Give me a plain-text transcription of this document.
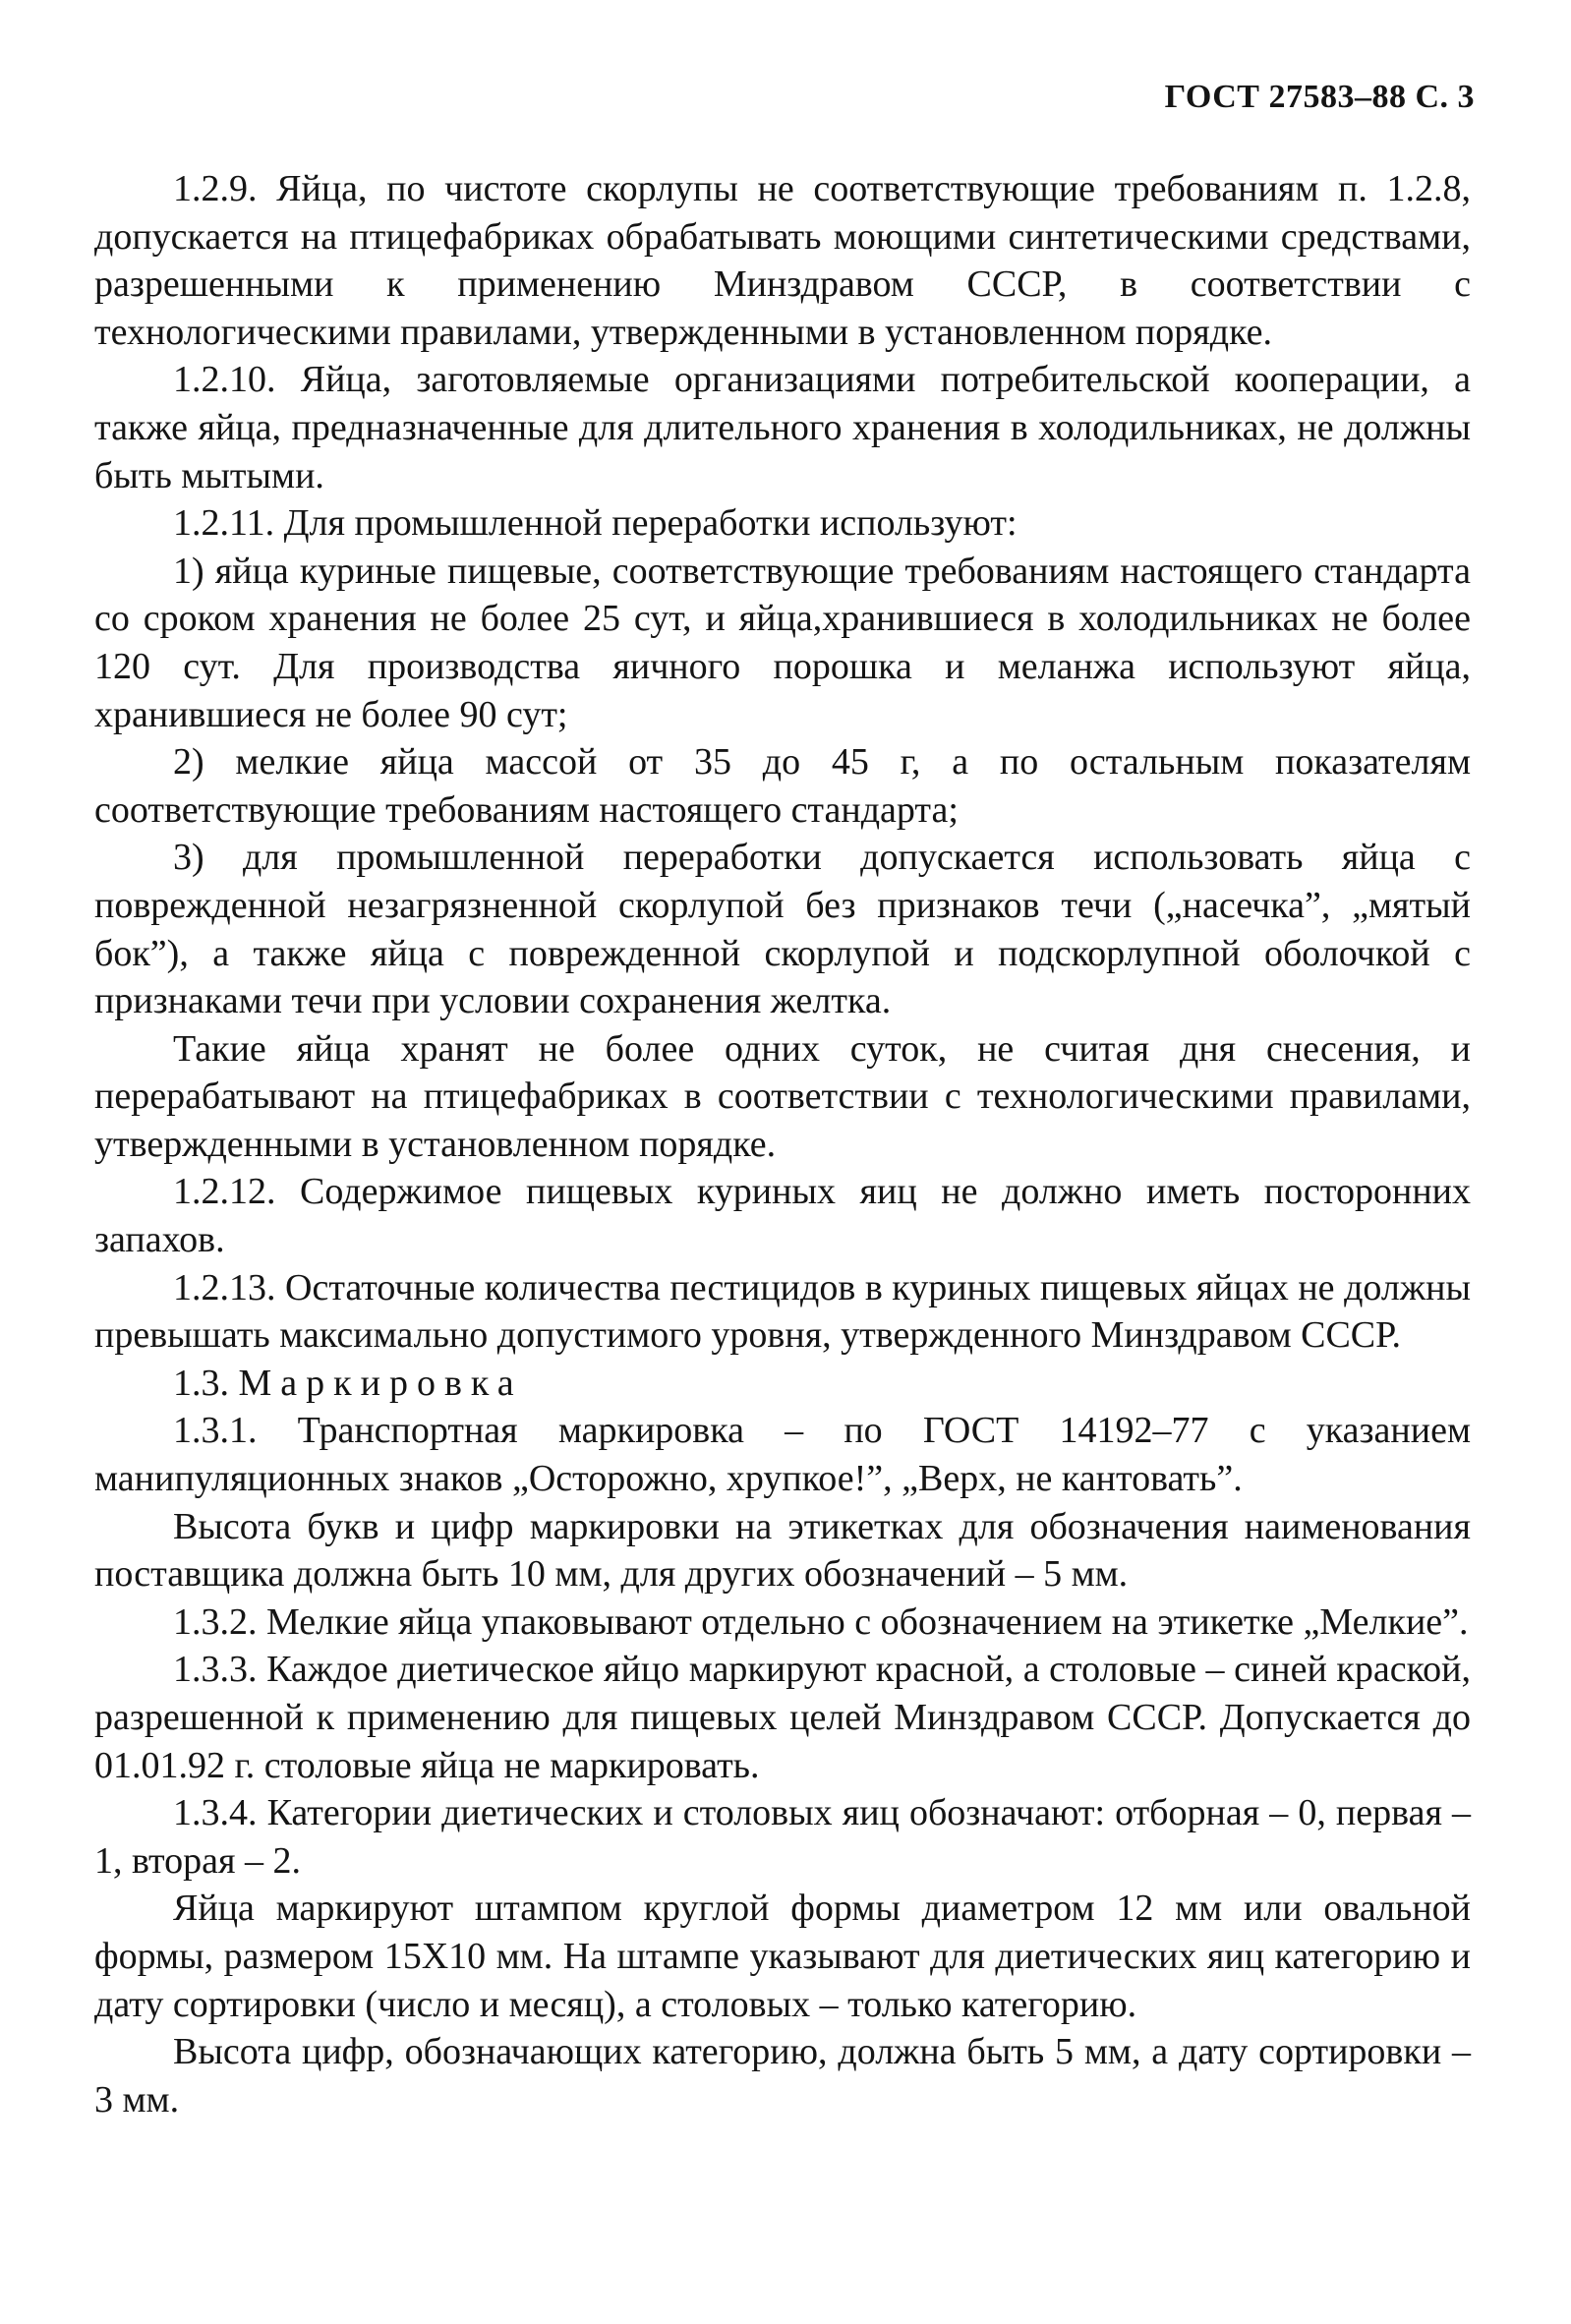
ГОСТ 27583–88 С. 3

1.2.9. Яйца, по чистоте скорлупы не соответствующие требованиям п. 1.2.8, допускается на птицефабриках обрабатывать моющими синтетическими средствами, разрешенными к применению Минздравом СССР, в соответствии с технологическими правилами, утвержденными в установленном порядке.

1.2.10. Яйца, заготовляемые организациями потребительской кооперации, а также яйца, предназначенные для длительного хранения в холодильниках, не должны быть мытыми.

1.2.11. Для промышленной переработки используют:

1) яйца куриные пищевые, соответствующие требованиям настоящего стандарта со сроком хранения не более 25 сут, и яйца,хранившиеся в холодильниках не более 120 сут. Для производства яичного порошка и меланжа используют яйца, хранившиеся не более 90 сут;

2) мелкие яйца массой от 35 до 45 г, а по остальным показателям соответствующие требованиям настоящего стандарта;

3) для промышленной переработки допускается использовать яйца с поврежденной незагрязненной скорлупой без признаков течи („насечка”, „мятый бок”), а также яйца с поврежденной скорлупой и подскорлупной оболочкой с признаками течи при условии сохранения желтка.

Такие яйца хранят не более одних суток, не считая дня снесения, и перерабатывают на птицефабриках в соответствии с технологическими правилами, утвержденными в установленном порядке.

1.2.12. Содержимое пищевых куриных яиц не должно иметь посторонних запахов.

1.2.13. Остаточные количества пестицидов в куриных пищевых яйцах не должны превышать максимально допустимого уровня, утвержденного Минздравом СССР.

1.3. Маркировка

1.3.1. Транспортная маркировка – по ГОСТ 14192–77 с указанием манипуляционных знаков „Осторожно, хрупкое!”, „Верх, не кантовать”.

Высота букв и цифр маркировки на этикетках для обозначения наименования поставщика должна быть 10 мм, для других обозначений – 5 мм.

1.3.2. Мелкие яйца упаковывают отдельно с обозначением на этикетке „Мелкие”.

1.3.3. Каждое диетическое яйцо маркируют красной, а столовые – синей краской, разрешенной к применению для пищевых целей Минздравом СССР. Допускается до 01.01.92 г. столовые яйца не маркировать.

1.3.4. Категории диетических и столовых яиц обозначают: отборная – 0, первая – 1, вторая – 2.

Яйца маркируют штампом круглой формы диаметром 12 мм или овальной формы, размером 15Х10 мм. На штампе указывают для диетических яиц категорию и дату сортировки (число и месяц), а столовых – только категорию.

Высота цифр, обозначающих категорию, должна быть 5 мм, а дату сортировки – 3 мм.
